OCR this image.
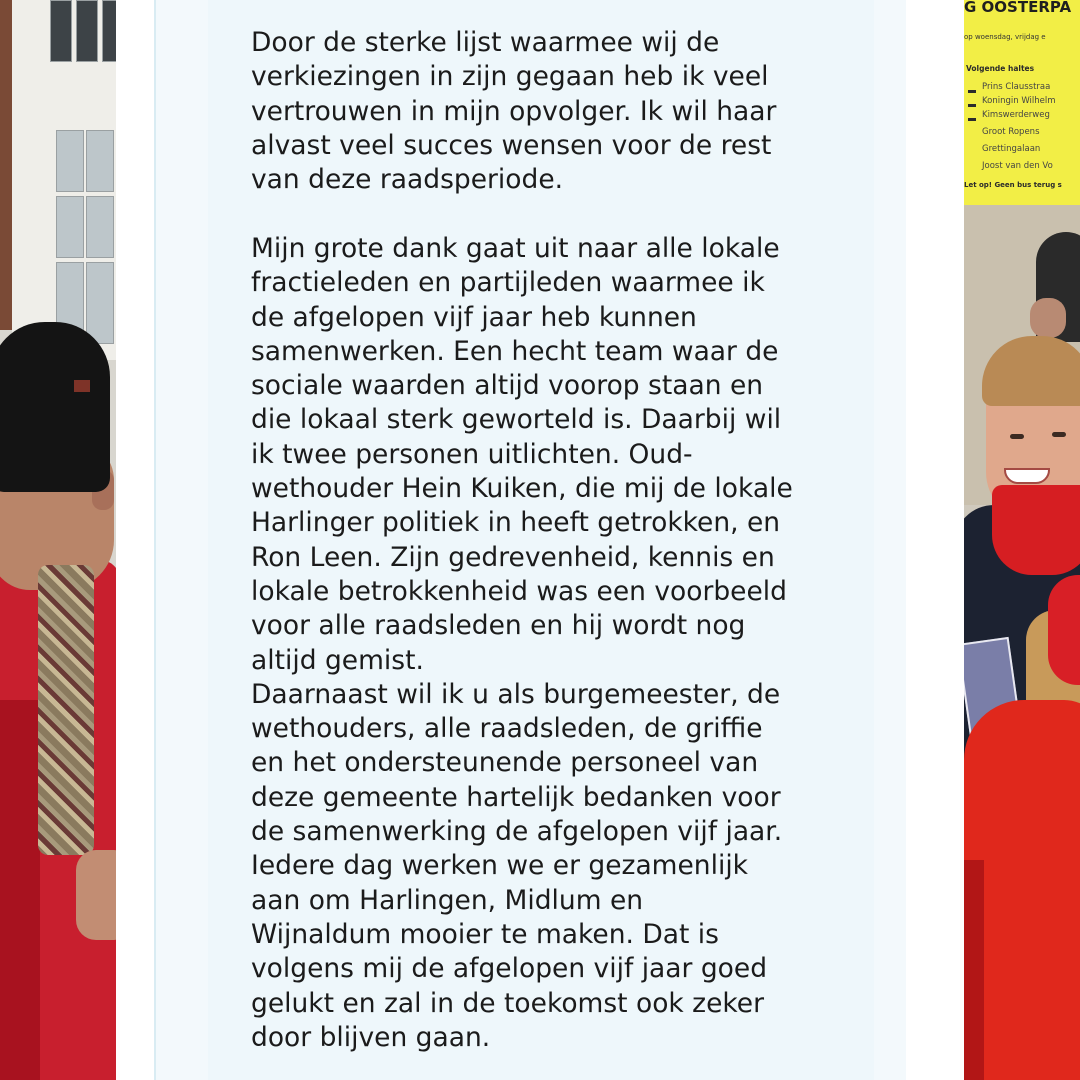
Door de sterke lijst waarmee wij de
verkiezingen in zijn gegaan heb ik veel
vertrouwen in mijn opvolger. Ik wil haar
alvast veel succes wensen voor de rest
van deze raadsperiode.

Mijn grote dank gaat uit naar alle lokale
fractieleden en partijleden waarmee ik
de afgelopen vijf jaar heb kunnen
samenwerken. Een hecht team waar de
sociale waarden altijd voorop staan en
die lokaal sterk geworteld is. Daarbij wil
ik twee personen uitlichten. Oud-
wethouder Hein Kuiken, die mij de lokale
Harlinger politiek in heeft getrokken, en
Ron Leen. Zijn gedrevenheid, kennis en
lokale betrokkenheid was een voorbeeld
voor alle raadsleden en hij wordt nog
altijd gemist.
Daarnaast wil ik u als burgemeester, de
wethouders, alle raadsleden, de griffie
en het ondersteunende personeel van
deze gemeente hartelijk bedanken voor
de samenwerking de afgelopen vijf jaar.
Iedere dag werken we er gezamenlijk
aan om Harlingen, Midlum en
Wijnaldum mooier te maken. Dat is
volgens mij de afgelopen vijf jaar goed
gelukt en zal in de toekomst ook zeker
door blijven gaan.

G OOSTERPA
op woensdag, vrijdag e
Volgende haltes
Prins Clausstraa
Koningin Wilhelm
Kimswerderweg
Groot Ropens
Grettingalaan
Joost van den Vo
Let op! Geen bus terug s
